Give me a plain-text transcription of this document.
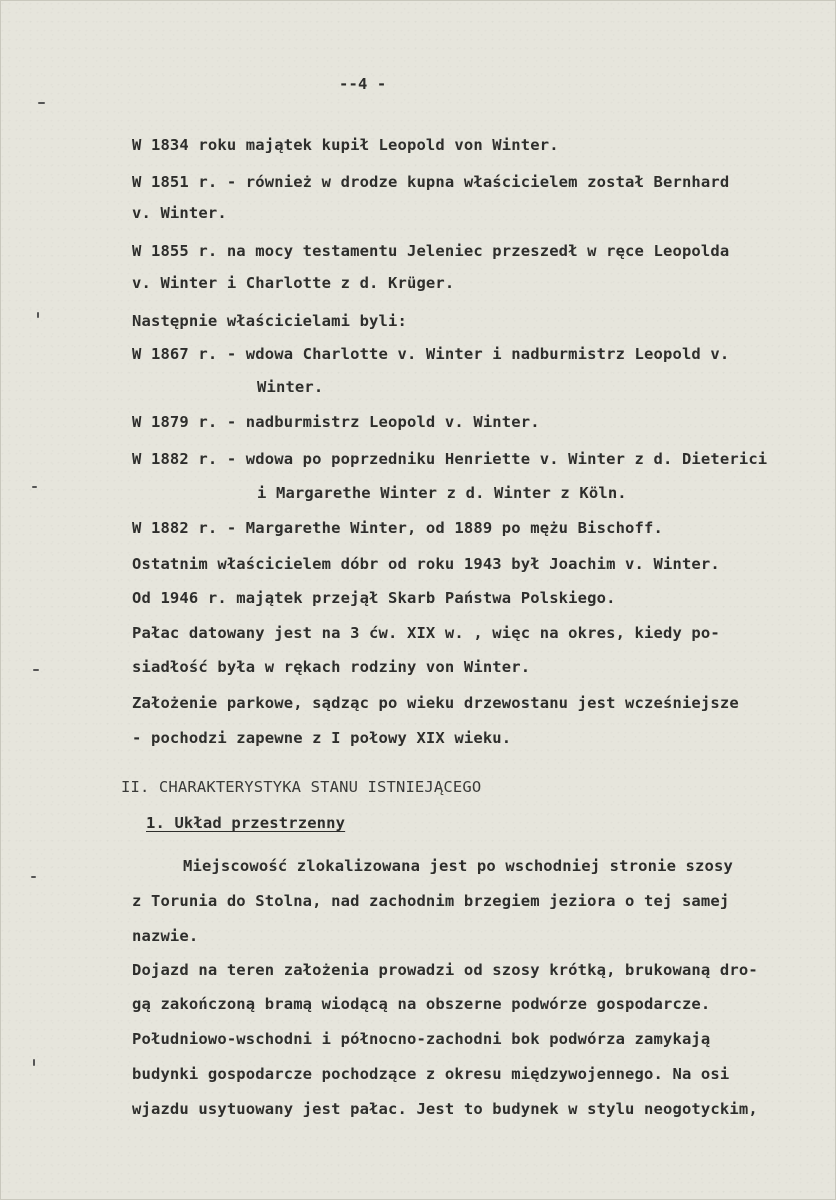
--4 -
W 1834 roku majątek kupił Leopold von Winter.
W 1851 r. - również w drodze kupna właścicielem został Bernhard
v. Winter.
W 1855 r. na mocy testamentu Jeleniec przeszedł w ręce Leopolda
v. Winter i Charlotte z d. Krüger.
Następnie właścicielami byli:
W 1867 r. - wdowa Charlotte v. Winter i nadburmistrz Leopold v.
Winter.
W 1879 r. - nadburmistrz Leopold v. Winter.
W 1882 r. - wdowa po poprzedniku Henriette v. Winter z d. Dieterici
i Margarethe Winter z d. Winter z Köln.
W 1882 r. - Margarethe Winter, od 1889 po mężu Bischoff.
Ostatnim właścicielem dóbr od roku 1943 był Joachim v. Winter.
Od 1946 r. majątek przejął Skarb Państwa Polskiego.
Pałac datowany jest na 3 ćw. XIX w. , więc na okres, kiedy po-
siadłość była w rękach rodziny von Winter.
Założenie parkowe, sądząc po wieku drzewostanu jest wcześniejsze
- pochodzi zapewne z I połowy XIX wieku.
II. CHARAKTERYSTYKA STANU ISTNIEJĄCEGO
1. Układ przestrzenny
Miejscowość zlokalizowana jest po wschodniej stronie szosy
z Torunia do Stolna, nad zachodnim brzegiem jeziora o tej samej
nazwie.
Dojazd na teren założenia prowadzi od szosy krótką, brukowaną dro-
gą zakończoną bramą wiodącą na obszerne podwórze gospodarcze.
Południowo-wschodni i północno-zachodni bok podwórza zamykają
budynki gospodarcze pochodzące z okresu międzywojennego. Na osi
wjazdu usytuowany jest pałac. Jest to budynek w stylu neogotyckim,
